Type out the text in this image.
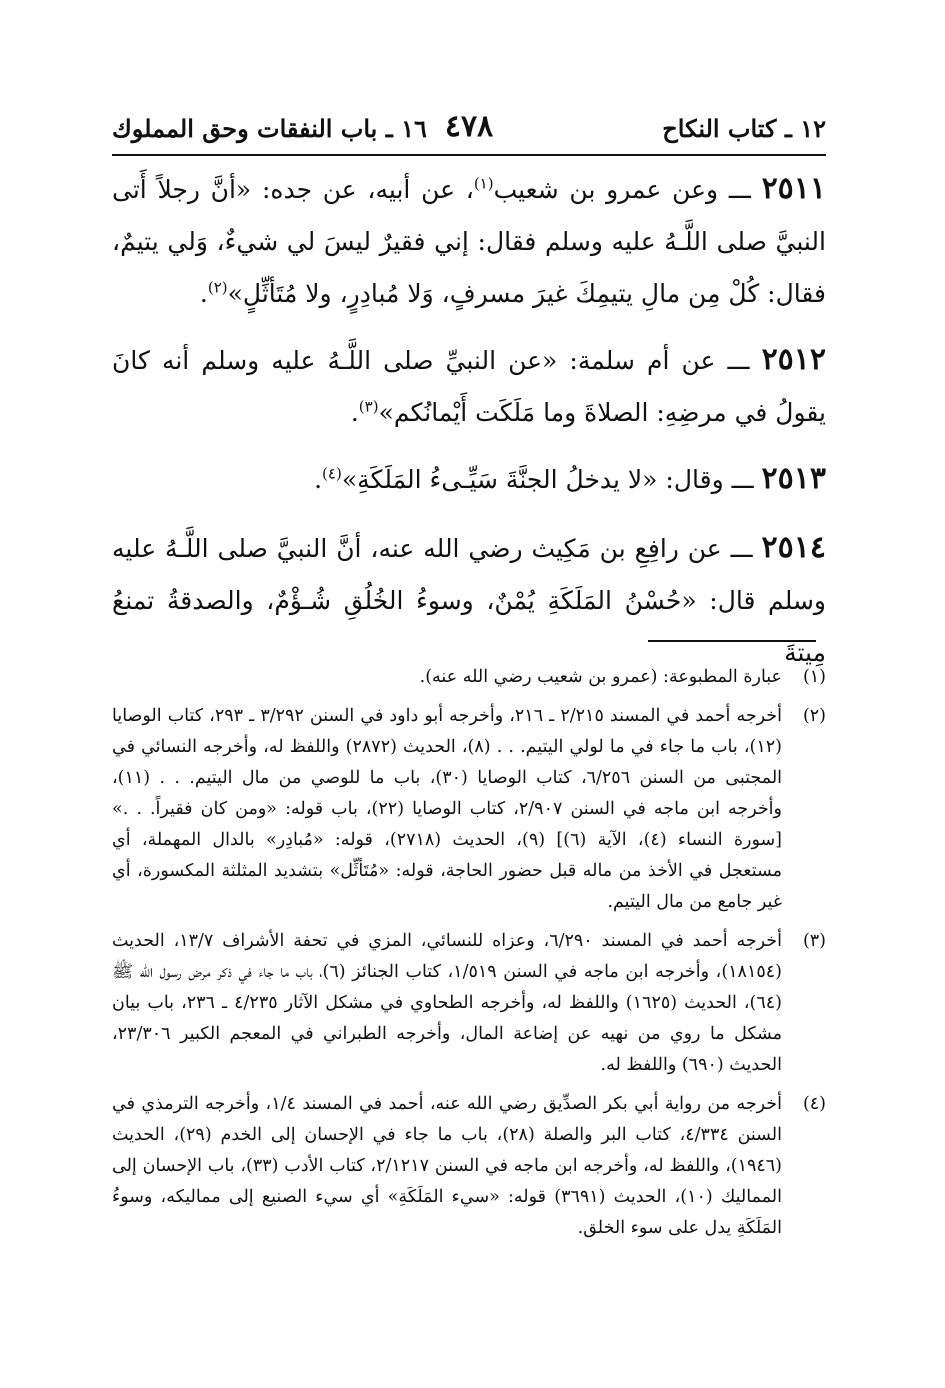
١٢ ـ كتاب النكاح
٤٧٨
١٦ ـ باب النفقات وحق المملوك

٢٥١١ ـــ وعن عمرو بن شعيب$^{(١)}$، عن أبيه، عن جده: «أنَّ رجلاً أَتى النبيَّ صلى اللَّـهُ عليه وسلم فقال: إني فقيرٌ ليسَ لي شيءٌ، وَلي يتيمٌ، فقال: كُلْ مِن مالِ يتيمِكَ غيرَ مسرفٍ، وَلا مُبادِرٍ، ولا مُتَأثِّلٍ»$^{(٢)}$.

٢٥١٢ ـــ عن أم سلمة: «عن النبيِّ صلى اللَّـهُ عليه وسلم أنه كانَ يقولُ في مرضِهِ: الصلاةَ وما مَلَكَت أَيْمانُكم»$^{(٣)}$.

٢٥١٣ ـــ وقال: «لا يدخلُ الجنَّةَ سَيِّـىءُ المَلَكَةِ»$^{(٤)}$.

٢٥١٤ ـــ عن رافِعِ بن مَكِيث رضي الله عنه، أنَّ النبيَّ صلى اللَّـهُ عليه وسلم قال: «حُسْنُ المَلَكَةِ يُمْنٌ، وسوءُ الخُلُقِ شُـؤْمٌ، والصدقةُ تمنعُ مِيتةَ

(١)
عبارة المطبوعة: (عمرو بن شعيب رضي الله عنه).
(٢)
أخرجه أحمد في المسند ٢/٢١٥ ـ ٢١٦، وأخرجه أبو داود في السنن ٣/٢٩٢ ـ ٢٩٣، كتاب الوصايا (١٢)، باب ما جاء في ما لولي اليتيم. . . (٨)، الحديث (٢٨٧٢) واللفظ له، وأخرجه النسائي في المجتبى من السنن ٦/٢٥٦، كتاب الوصايا (٣٠)، باب ما للوصي من مال اليتيم. . . (١١)، وأخرجه ابن ماجه في السنن ٢/٩٠٧، كتاب الوصايا (٢٢)، باب قوله: «ومن كان فقيراً. . .» [سورة النساء (٤)، الآية (٦)] (٩)، الحديث (٢٧١٨)، قوله: «مُبادِر» بالدال المهملة، أي مستعجل في الأخذ من ماله قبل حضور الحاجة، قوله: «مُتَأثِّل» بتشديد المثلثة المكسورة، أي غير جامع من مال اليتيم.
(٣)
أخرجه أحمد في المسند ٦/٢٩٠، وعزاه للنسائي، المزي في تحفة الأشراف ١٣/٧، الحديث (١٨١٥٤)، وأخرجه ابن ماجه في السنن ١/٥١٩، كتاب الجنائز (٦)، باب ما جاء في ذكر مرض رسول الله ﷺ (٦٤)، الحديث (١٦٢٥) واللفظ له، وأخرجه الطحاوي في مشكل الآثار ٤/٢٣٥ ـ ٢٣٦، باب بيان مشكل ما روي من نهيه عن إضاعة المال، وأخرجه الطبراني في المعجم الكبير ٢٣/٣٠٦، الحديث (٦٩٠) واللفظ له.
(٤)
أخرجه من رواية أبي بكر الصدِّيق رضي الله عنه، أحمد في المسند ١/٤، وأخرجه الترمذي في السنن ٤/٣٣٤، كتاب البر والصلة (٢٨)، باب ما جاء في الإحسان إلى الخدم (٢٩)، الحديث (١٩٤٦)، واللفظ له، وأخرجه ابن ماجه في السنن ٢/١٢١٧، كتاب الأدب (٣٣)، باب الإحسان إلى المماليك (١٠)، الحديث (٣٦٩١) قوله: «سيء المَلَكَةِ» أي سيء الصنيع إلى مماليكه، وسوءُ المَلَكَةِ يدل على سوء الخلق.
